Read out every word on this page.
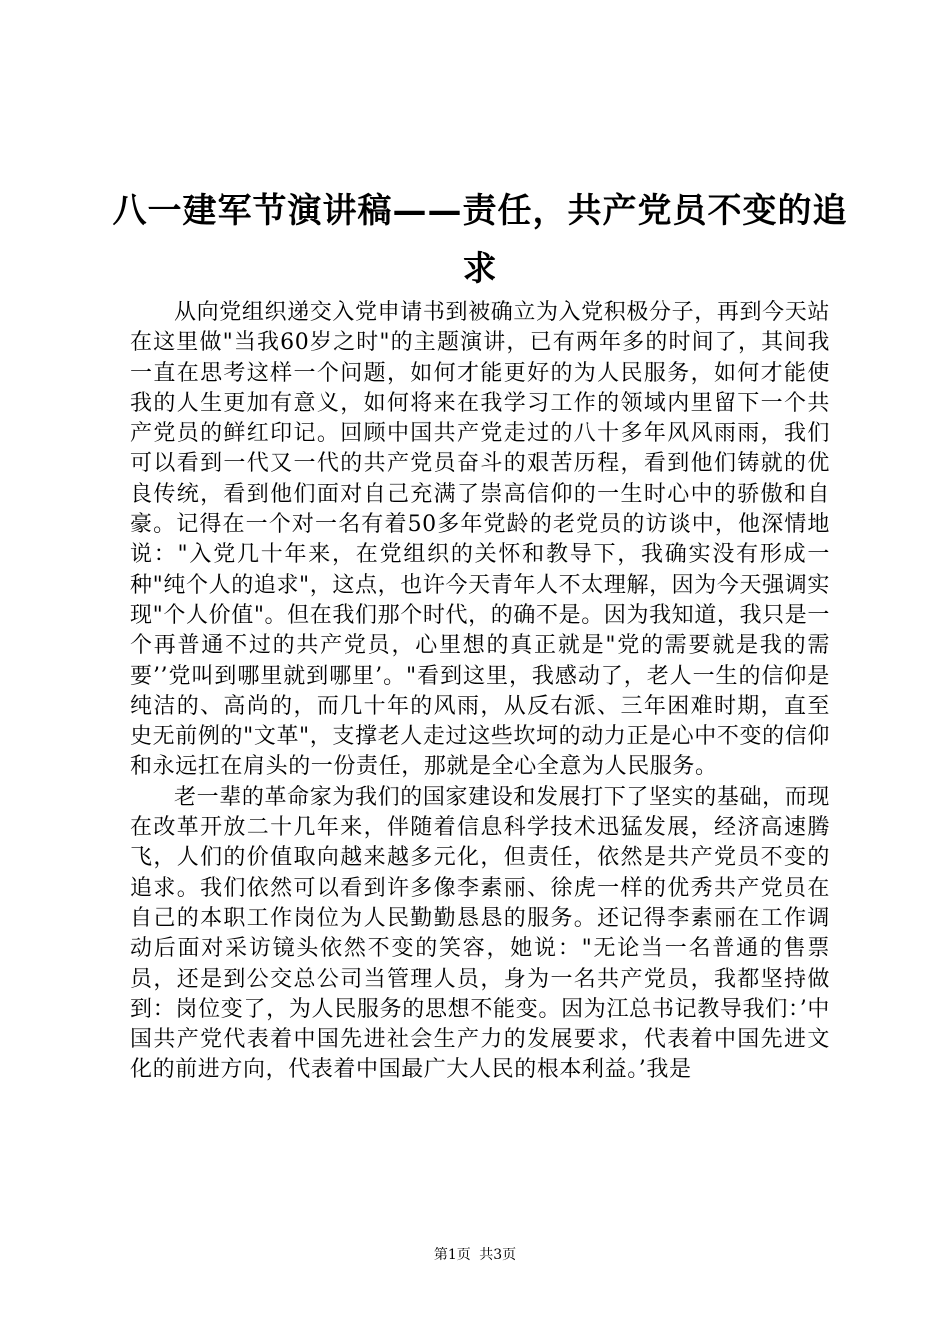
八一建军节演讲稿——责任，共产党员不变的追求

从向党组织递交入党申请书到被确立为入党积极分子，再到今天站在这里做"当我60岁之时"的主题演讲，已有两年多的时间了，其间我一直在思考这样一个问题，如何才能更好的为人民服务，如何才能使我的人生更加有意义，如何将来在我学习工作的领域内里留下一个共产党员的鲜红印记。回顾中国共产党走过的八十多年风风雨雨，我们可以看到一代又一代的共产党员奋斗的艰苦历程，看到他们铸就的优良传统，看到他们面对自己充满了崇高信仰的一生时心中的骄傲和自豪。记得在一个对一名有着50多年党龄的老党员的访谈中，他深情地说："入党几十年来，在党组织的关怀和教导下，我确实没有形成一种"纯个人的追求"，这点，也许今天青年人不太理解，因为今天强调实现"个人价值"。但在我们那个时代，的确不是。因为我知道，我只是一个再普通不过的共产党员，心里想的真正就是"党的需要就是我的需要’’党叫到哪里就到哪里’。"看到这里，我感动了，老人一生的信仰是纯洁的、高尚的，而几十年的风雨，从反右派、三年困难时期，直至史无前例的"文革"，支撑老人走过这些坎坷的动力正是心中不变的信仰和永远扛在肩头的一份责任，那就是全心全意为人民服务。

老一辈的革命家为我们的国家建设和发展打下了坚实的基础，而现在改革开放二十几年来，伴随着信息科学技术迅猛发展，经济高速腾飞，人们的价值取向越来越多元化，但责任，依然是共产党员不变的追求。我们依然可以看到许多像李素丽、徐虎一样的优秀共产党员在自己的本职工作岗位为人民勤勤恳恳的服务。还记得李素丽在工作调动后面对采访镜头依然不变的笑容，她说："无论当一名普通的售票员，还是到公交总公司当管理人员，身为一名共产党员，我都坚持做到：岗位变了，为人民服务的思想不能变。因为江总书记教导我们：’中国共产党代表着中国先进社会生产力的发展要求，代表着中国先进文化的前进方向，代表着中国最广大人民的根本利益。’我是

第1页 共3页
